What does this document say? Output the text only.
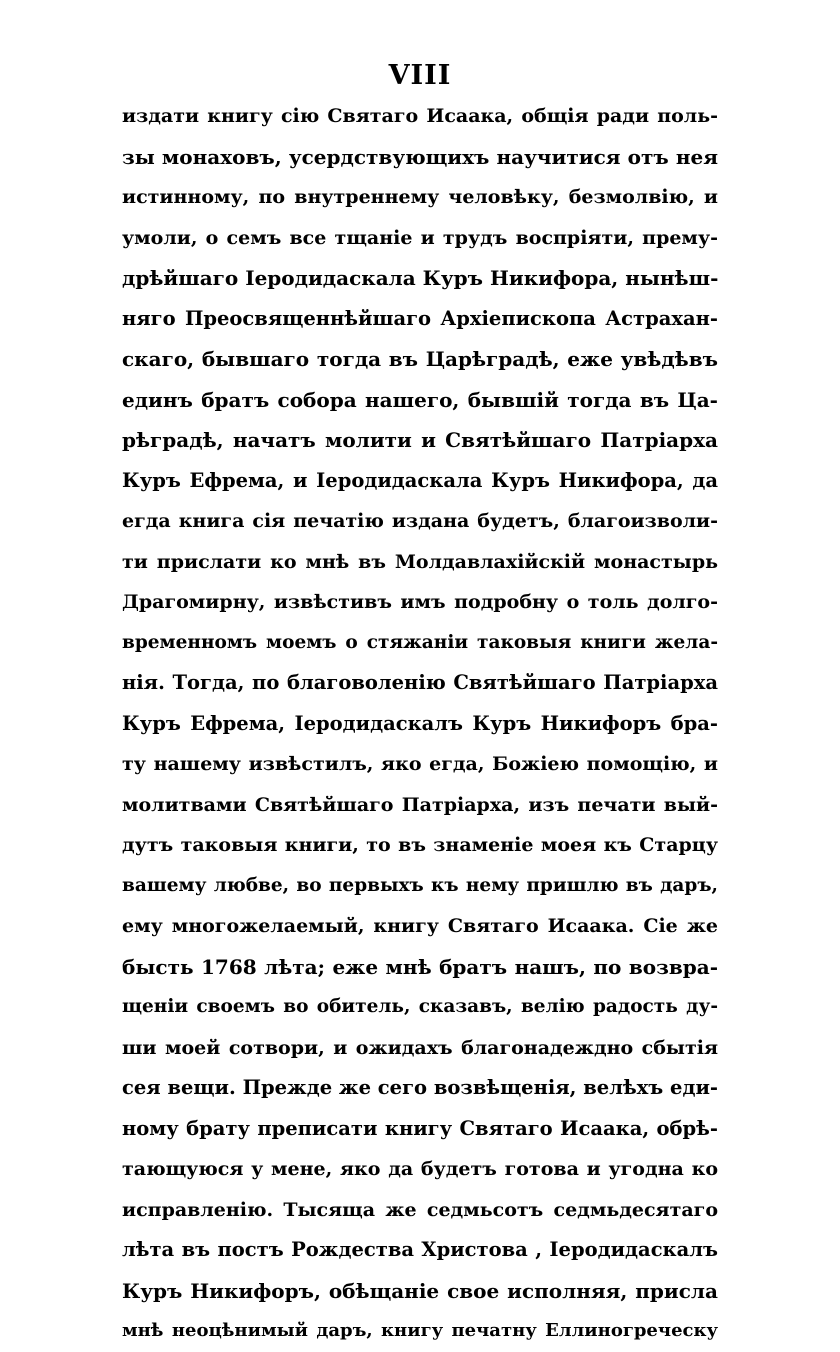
VIII
издати книгу сію Святаго Исаака, общія ради поль-
зы монаховъ, усердствующихъ научитися отъ нея
истинному, по внутреннему человѣку, безмолвію, и
умоли, о семъ все тщаніе и трудъ воспріяти, прему-
дрѣйшаго Іеродидаскала Куръ Никифора, нынѣш-
няго Преосвященнѣйшаго Архіепископа Астрахан-
скаго, бывшаго тогда въ Царѣградѣ, еже увѣдѣвъ
единъ братъ собора нашего, бывшій тогда въ Ца-
рѣградѣ, начатъ молити и Святѣйшаго Патріарха
Куръ Ефрема, и Іеродидаскала Куръ Никифора, да
егда книга сія печатію издана будетъ, благоизволи-
ти прислати ко мнѣ въ Молдавлахійскій монастырь
Драгомирну, извѣстивъ имъ подробну о толь долго-
временномъ моемъ о стяжаніи таковыя книги жела-
нія. Тогда, по благоволенію Святѣйшаго Патріарха
Куръ Ефрема, Іеродидаскалъ Куръ Никифоръ бра-
ту нашему извѣстилъ, яко егда, Божіею помощію, и
молитвами Святѣйшаго Патріарха, изъ печати вый-
дутъ таковыя книги, то въ знаменіе моея къ Старцу
вашему любве, во первыхъ къ нему пришлю въ даръ,
ему многожелаемый, книгу Святаго Исаака. Сіе же
бысть 1768 лѣта; еже мнѣ братъ нашъ, по возвра-
щеніи своемъ во обитель, сказавъ, велію радость ду-
ши моей сотвори, и ожидахъ благонадеждно сбытія
сея вещи. Прежде же сего возвѣщенія, велѣхъ еди-
ному брату преписати книгу Святаго Исаака, обрѣ-
тающуюся у мене, яко да будетъ готова и угодна ко
исправленію. Тысяща же седмьсотъ седмьдесятаго
лѣта въ постъ Рождества Христова , Іеродидаскалъ
Куръ Никифоръ, обѣщаніе свое исполняя, присла
мнѣ неоцѣнимый даръ, книгу печатну Еллиногреческу
